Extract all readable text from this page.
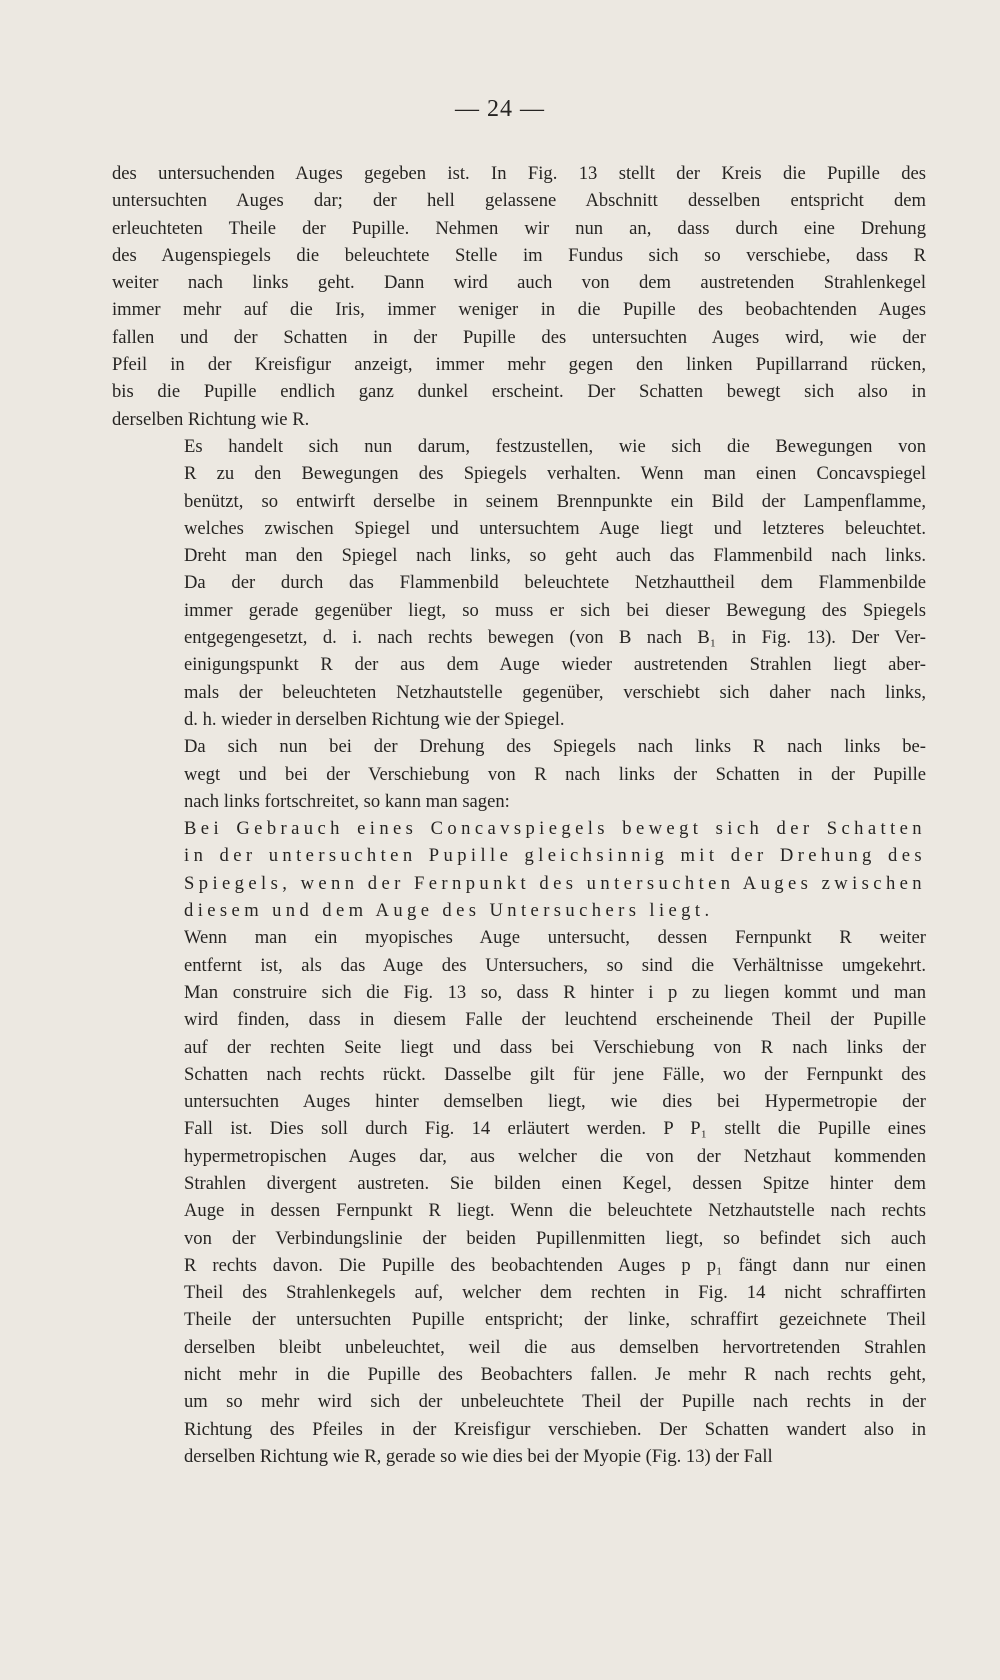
— 24 —

des untersuchenden Auges gegeben ist. In Fig. 13 stellt der Kreis die Pupille des
untersuchten Auges dar; der hell gelassene Abschnitt desselben entspricht dem
erleuchteten Theile der Pupille. Nehmen wir nun an, dass durch eine Drehung
des Augenspiegels die beleuchtete Stelle im Fundus sich so verschiebe, dass R
weiter nach links geht. Dann wird auch von dem austretenden Strahlenkegel
immer mehr auf die Iris, immer weniger in die Pupille des beobachtenden Auges
fallen und der Schatten in der Pupille des untersuchten Auges wird, wie der
Pfeil in der Kreisfigur anzeigt, immer mehr gegen den linken Pupillarrand rücken,
bis die Pupille endlich ganz dunkel erscheint. Der Schatten bewegt sich also in
derselben Richtung wie R.

Es handelt sich nun darum, festzustellen, wie sich die Bewegungen von
R zu den Bewegungen des Spiegels verhalten. Wenn man einen Concavspiegel
benützt, so entwirft derselbe in seinem Brennpunkte ein Bild der Lampenflamme,
welches zwischen Spiegel und untersuchtem Auge liegt und letzteres beleuchtet.
Dreht man den Spiegel nach links, so geht auch das Flammenbild nach links.
Da der durch das Flammenbild beleuchtete Netzhauttheil dem Flammenbilde
immer gerade gegenüber liegt, so muss er sich bei dieser Bewegung des Spiegels
entgegengesetzt, d. i. nach rechts bewegen (von B nach B₁ in Fig. 13). Der Ver-
einigungspunkt R der aus dem Auge wieder austretenden Strahlen liegt aber-
mals der beleuchteten Netzhautstelle gegenüber, verschiebt sich daher nach links,
d. h. wieder in derselben Richtung wie der Spiegel.

Da sich nun bei der Drehung des Spiegels nach links R nach links be-
wegt und bei der Verschiebung von R nach links der Schatten in der Pupille
nach links fortschreitet, so kann man sagen:

Bei Gebrauch eines Concavspiegels bewegt sich der Schatten
in der untersuchten Pupille gleichsinnig mit der Drehung des
Spiegels, wenn der Fernpunkt des untersuchten Auges zwischen
diesem und dem Auge des Untersuchers liegt.

Wenn man ein myopisches Auge untersucht, dessen Fernpunkt R weiter
entfernt ist, als das Auge des Untersuchers, so sind die Verhältnisse umgekehrt.
Man construire sich die Fig. 13 so, dass R hinter i p zu liegen kommt und man
wird finden, dass in diesem Falle der leuchtend erscheinende Theil der Pupille
auf der rechten Seite liegt und dass bei Verschiebung von R nach links der
Schatten nach rechts rückt. Dasselbe gilt für jene Fälle, wo der Fernpunkt des
untersuchten Auges hinter demselben liegt, wie dies bei Hypermetropie der
Fall ist. Dies soll durch Fig. 14 erläutert werden. P P₁ stellt die Pupille eines
hypermetropischen Auges dar, aus welcher die von der Netzhaut kommenden
Strahlen divergent austreten. Sie bilden einen Kegel, dessen Spitze hinter dem
Auge in dessen Fernpunkt R liegt. Wenn die beleuchtete Netzhautstelle nach rechts
von der Verbindungslinie der beiden Pupillenmitten liegt, so befindet sich auch
R rechts davon. Die Pupille des beobachtenden Auges p p₁ fängt dann nur einen
Theil des Strahlenkegels auf, welcher dem rechten in Fig. 14 nicht schraffirten
Theile der untersuchten Pupille entspricht; der linke, schraffirt gezeichnete Theil
derselben bleibt unbeleuchtet, weil die aus demselben hervortretenden Strahlen
nicht mehr in die Pupille des Beobachters fallen. Je mehr R nach rechts geht,
um so mehr wird sich der unbeleuchtete Theil der Pupille nach rechts in der
Richtung des Pfeiles in der Kreisfigur verschieben. Der Schatten wandert also in
derselben Richtung wie R, gerade so wie dies bei der Myopie (Fig. 13) der Fall
